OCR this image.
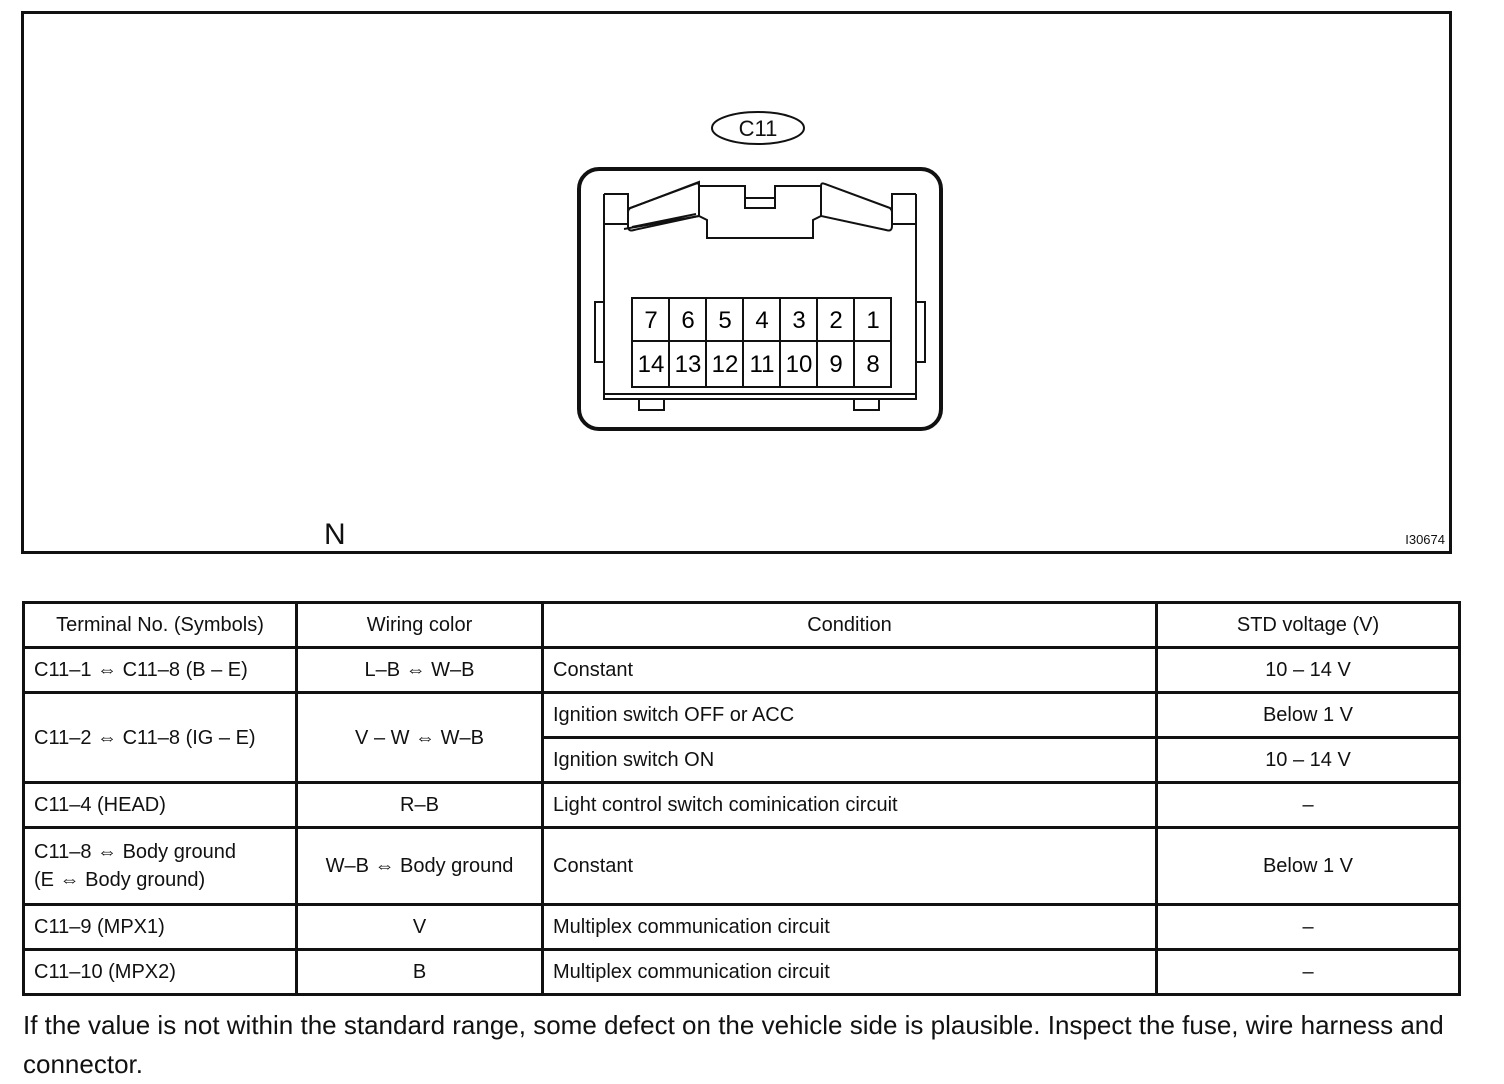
C11
7 6 5 4 3 2 1
14 13 12 11 10 9 8
N	I30674
Terminal No. (Symbols)	Wiring color	Condition	STD voltage (V)
C11–1 ⇔ C11–8 (B – E)	L–B ⇔ W–B	Constant	10 – 14 V
C11–2 ⇔ C11–8 (IG – E)	V – W ⇔ W–B	Ignition switch OFF or ACC	Below 1 V
		Ignition switch ON	10 – 14 V
C11–4 (HEAD)	R–B	Light control switch cominication circuit	–
C11–8 ⇔ Body ground
(E ⇔ Body ground)	W–B ⇔ Body ground	Constant	Below 1 V
C11–9 (MPX1)	V	Multiplex communication circuit	–
C11–10 (MPX2)	B	Multiplex communication circuit	–

If the value is not within the standard range, some defect on the vehicle side is plausible. Inspect the fuse, wire harness and connector.
